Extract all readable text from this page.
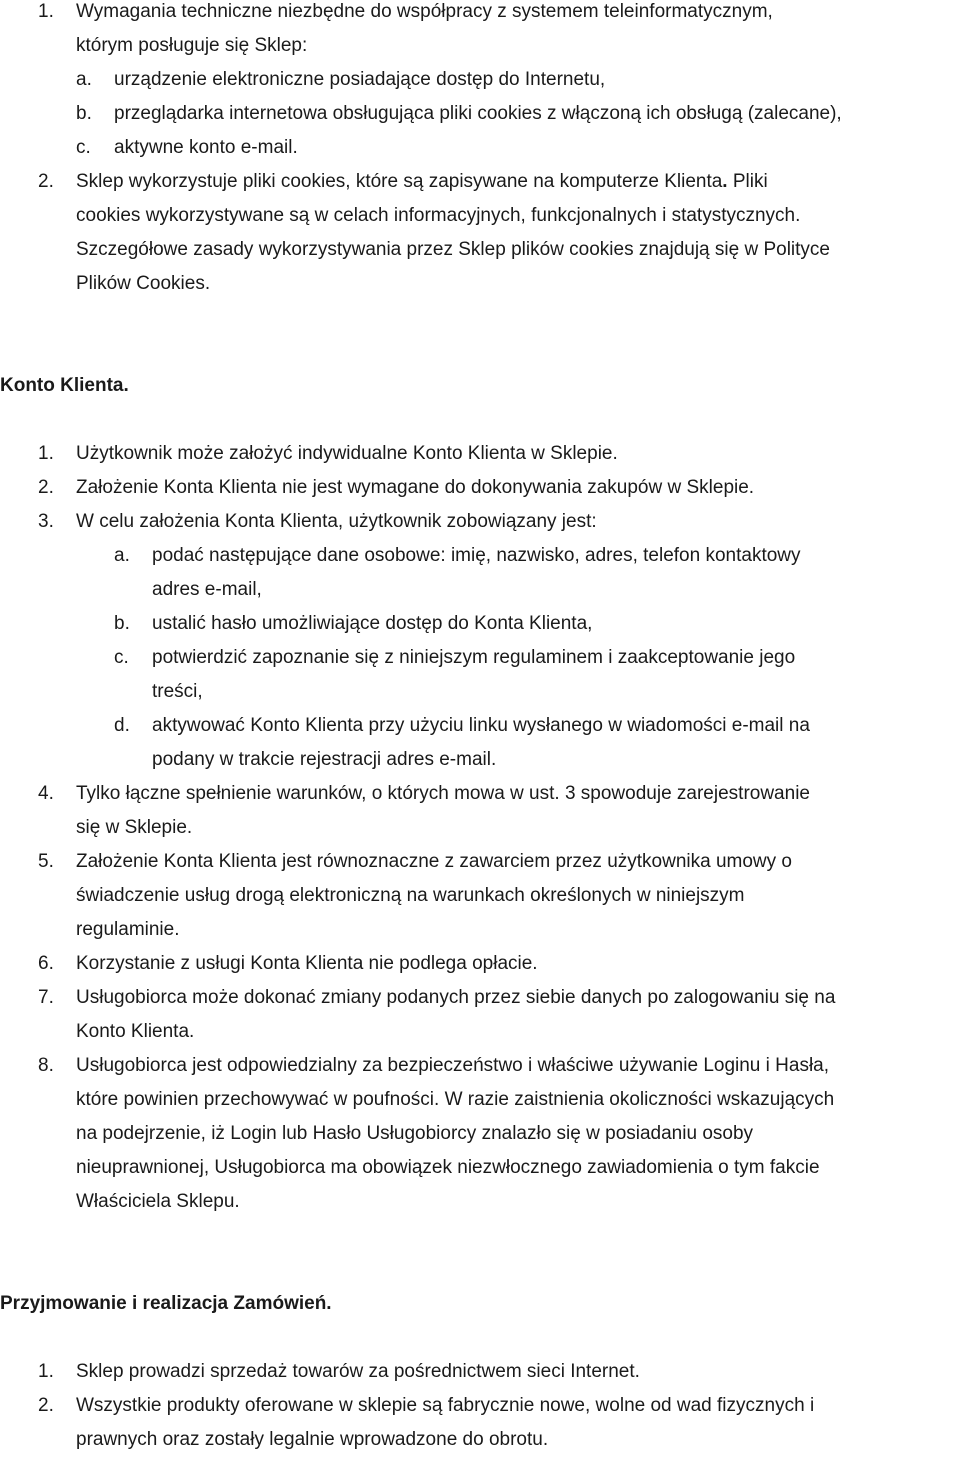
1. Wymagania techniczne niezbędne do współpracy z systemem teleinformatycznym,
którym posługuje się Sklep:
a. urządzenie elektroniczne posiadające dostęp do Internetu,
b. przeglądarka internetowa obsługująca pliki cookies z włączoną ich obsługą (zalecane),
c. aktywne konto e-mail.
2. Sklep wykorzystuje pliki cookies, które są zapisywane na komputerze Klienta. Pliki
cookies wykorzystywane są w celach informacyjnych, funkcjonalnych i statystycznych.
Szczegółowe zasady wykorzystywania przez Sklep plików cookies znajdują się w Polityce
Plików Cookies.
Konto Klienta.
1. Użytkownik może założyć indywidualne Konto Klienta w Sklepie.
2. Założenie Konta Klienta nie jest wymagane do dokonywania zakupów w Sklepie.
3. W celu założenia Konta Klienta, użytkownik zobowiązany jest:
a. podać następujące dane osobowe: imię, nazwisko, adres, telefon kontaktowy
adres e-mail,
b. ustalić hasło umożliwiające dostęp do Konta Klienta,
c. potwierdzić zapoznanie się z niniejszym regulaminem i zaakceptowanie jego
treści,
d. aktywować Konto Klienta przy użyciu linku wysłanego w wiadomości e-mail na
podany w trakcie rejestracji adres e-mail.
4. Tylko łączne spełnienie warunków, o których mowa w ust. 3 spowoduje zarejestrowanie
się w Sklepie.
5. Założenie Konta Klienta jest równoznaczne z zawarciem przez użytkownika umowy o
świadczenie usług drogą elektroniczną na warunkach określonych w niniejszym
regulaminie.
6. Korzystanie z usługi Konta Klienta nie podlega opłacie.
7. Usługobiorca może dokonać zmiany podanych przez siebie danych po zalogowaniu się na
Konto Klienta.
8. Usługobiorca jest odpowiedzialny za bezpieczeństwo i właściwe używanie Loginu i Hasła,
które powinien przechowywać w poufności. W razie zaistnienia okoliczności wskazujących
na podejrzenie, iż Login lub Hasło Usługobiorcy znalazło się w posiadaniu osoby
nieuprawnionej, Usługobiorca ma obowiązek niezwłocznego zawiadomienia o tym fakcie
Właściciela Sklepu.
Przyjmowanie i realizacja Zamówień.
1. Sklep prowadzi sprzedaż towarów za pośrednictwem sieci Internet.
2. Wszystkie produkty oferowane w sklepie są fabrycznie nowe, wolne od wad fizycznych i
prawnych oraz zostały legalnie wprowadzone do obrotu.
